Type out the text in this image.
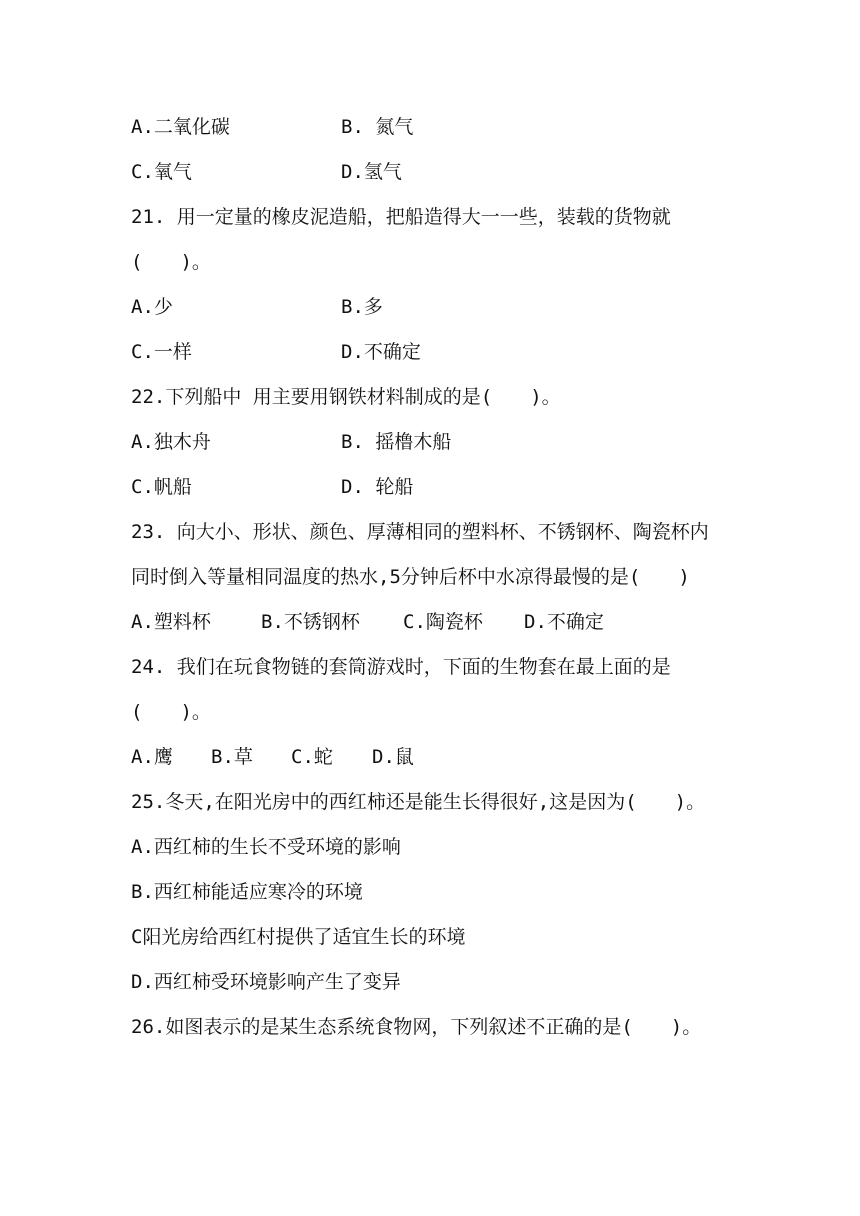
A.二氧化碳	B. 氮气
C.氧气	D.氢气
21. 用一定量的橡皮泥造船，把船造得大一一些，装载的货物就
(　　)。
A.少	B.多
C.一样	D.不确定
22.下列船中 用主要用钢铁材料制成的是(　　)。
A.独木舟	B. 摇橹木船
C.帆船	D. 轮船
23. 向大小、形状、颜色、厚薄相同的塑料杯、不锈钢杯、陶瓷杯内
同时倒入等量相同温度的热水,5分钟后杯中水凉得最慢的是(　　)
A.塑料杯	B.不锈钢杯 C.陶瓷杯 D.不确定
24. 我们在玩食物链的套筒游戏时，下面的生物套在最上面的是
(　　)。
A.鹰 B.草 C.蛇 D.鼠
25.冬天,在阳光房中的西红柿还是能生长得很好,这是因为(　　)。
A.西红柿的生长不受环境的影响
B.西红柿能适应寒冷的环境
C阳光房给西红村提供了适宜生长的环境
D.西红柿受环境影响产生了变异
26.如图表示的是某生态系统食物网，下列叙述不正确的是(　　)。
